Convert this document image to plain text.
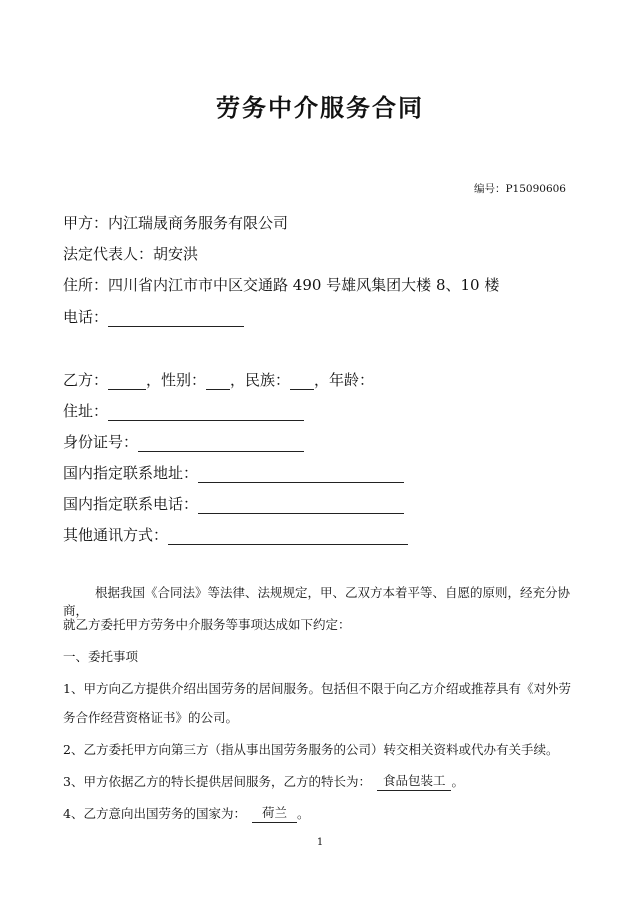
劳务中介服务合同
编号：P15090606
甲方： 内江瑞晟商务服务有限公司
法定代表人： 胡安洪
住所： 四川省内江市市中区交通路 490 号雄风集团大楼 8、10 楼
电话：
乙方：	，性别： ，民族： ，年龄：
住址：
身份证号：
国内指定联系地址：
国内指定联系电话：
其他通讯方式：
根据我国《合同法》等法律、法规规定，甲、乙双方本着平等、自愿的原则，经充分协商，
就乙方委托甲方劳务中介服务等事项达成如下约定：
一、委托事项
1、甲方向乙方提供介绍出国劳务的居间服务。包括但不限于向乙方介绍或推荐具有《对外劳
务合作经营资格证书》的公司。
2、乙方委托甲方向第三方（指从事出国劳务服务的公司）转交相关资料或代办有关手续。
3、甲方依据乙方的特长提供居间服务，乙方的特长为： 食品包装工 。
4、乙方意向出国劳务的国家为：	荷兰 。
1
